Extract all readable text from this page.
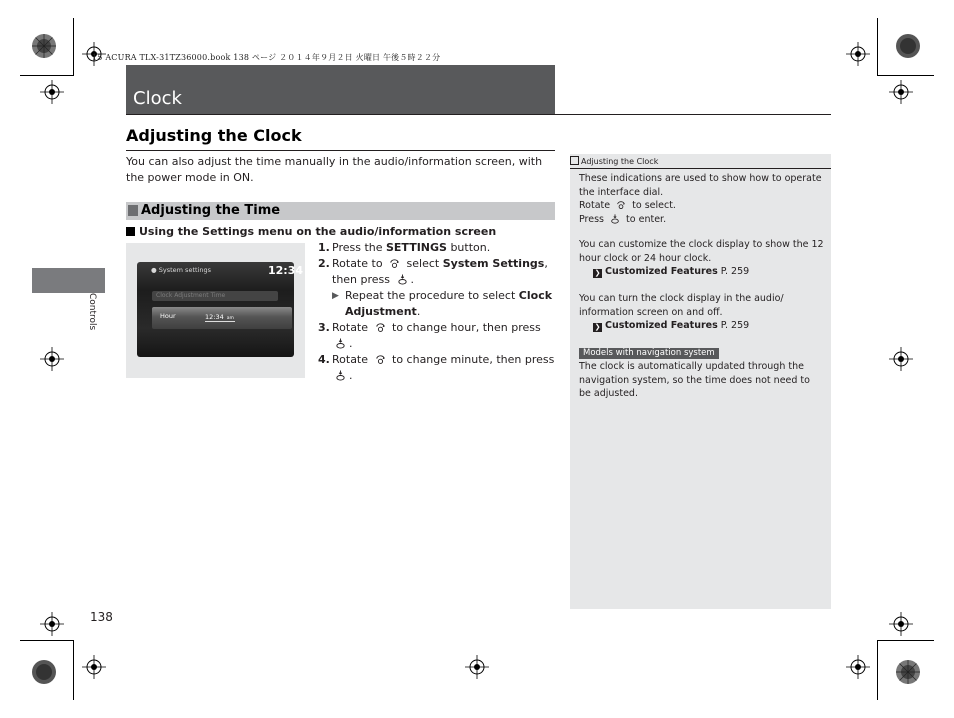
15 ACURA TLX-31TZ36000.book 138 ページ ２０１４年９月２日 火曜日 午後５時２２分
Clock
Controls
Adjusting the Clock
You can also adjust the time manually in the audio/information screen, with the power mode in ON.
Adjusting the Time
Using the Settings menu on the audio/information screen
● System settings	12:34
Clock Adjustment Time
Hour	12:34 am
1. Press the SETTINGS button.
2. Rotate to  select System Settings, then press .
▶ Repeat the procedure to select Clock Adjustment.
3. Rotate  to change hour, then press .
4. Rotate  to change minute, then press .
Adjusting the Clock
These indications are used to show how to operate the interface dial.
Rotate  to select.
Press  to enter.
You can customize the clock display to show the 12 hour clock or 24 hour clock.
❯ Customized Features P. 259
You can turn the clock display in the audio/ information screen on and off.
❯ Customized Features P. 259
Models with navigation system
The clock is automatically updated through the navigation system, so the time does not need to be adjusted.
138
